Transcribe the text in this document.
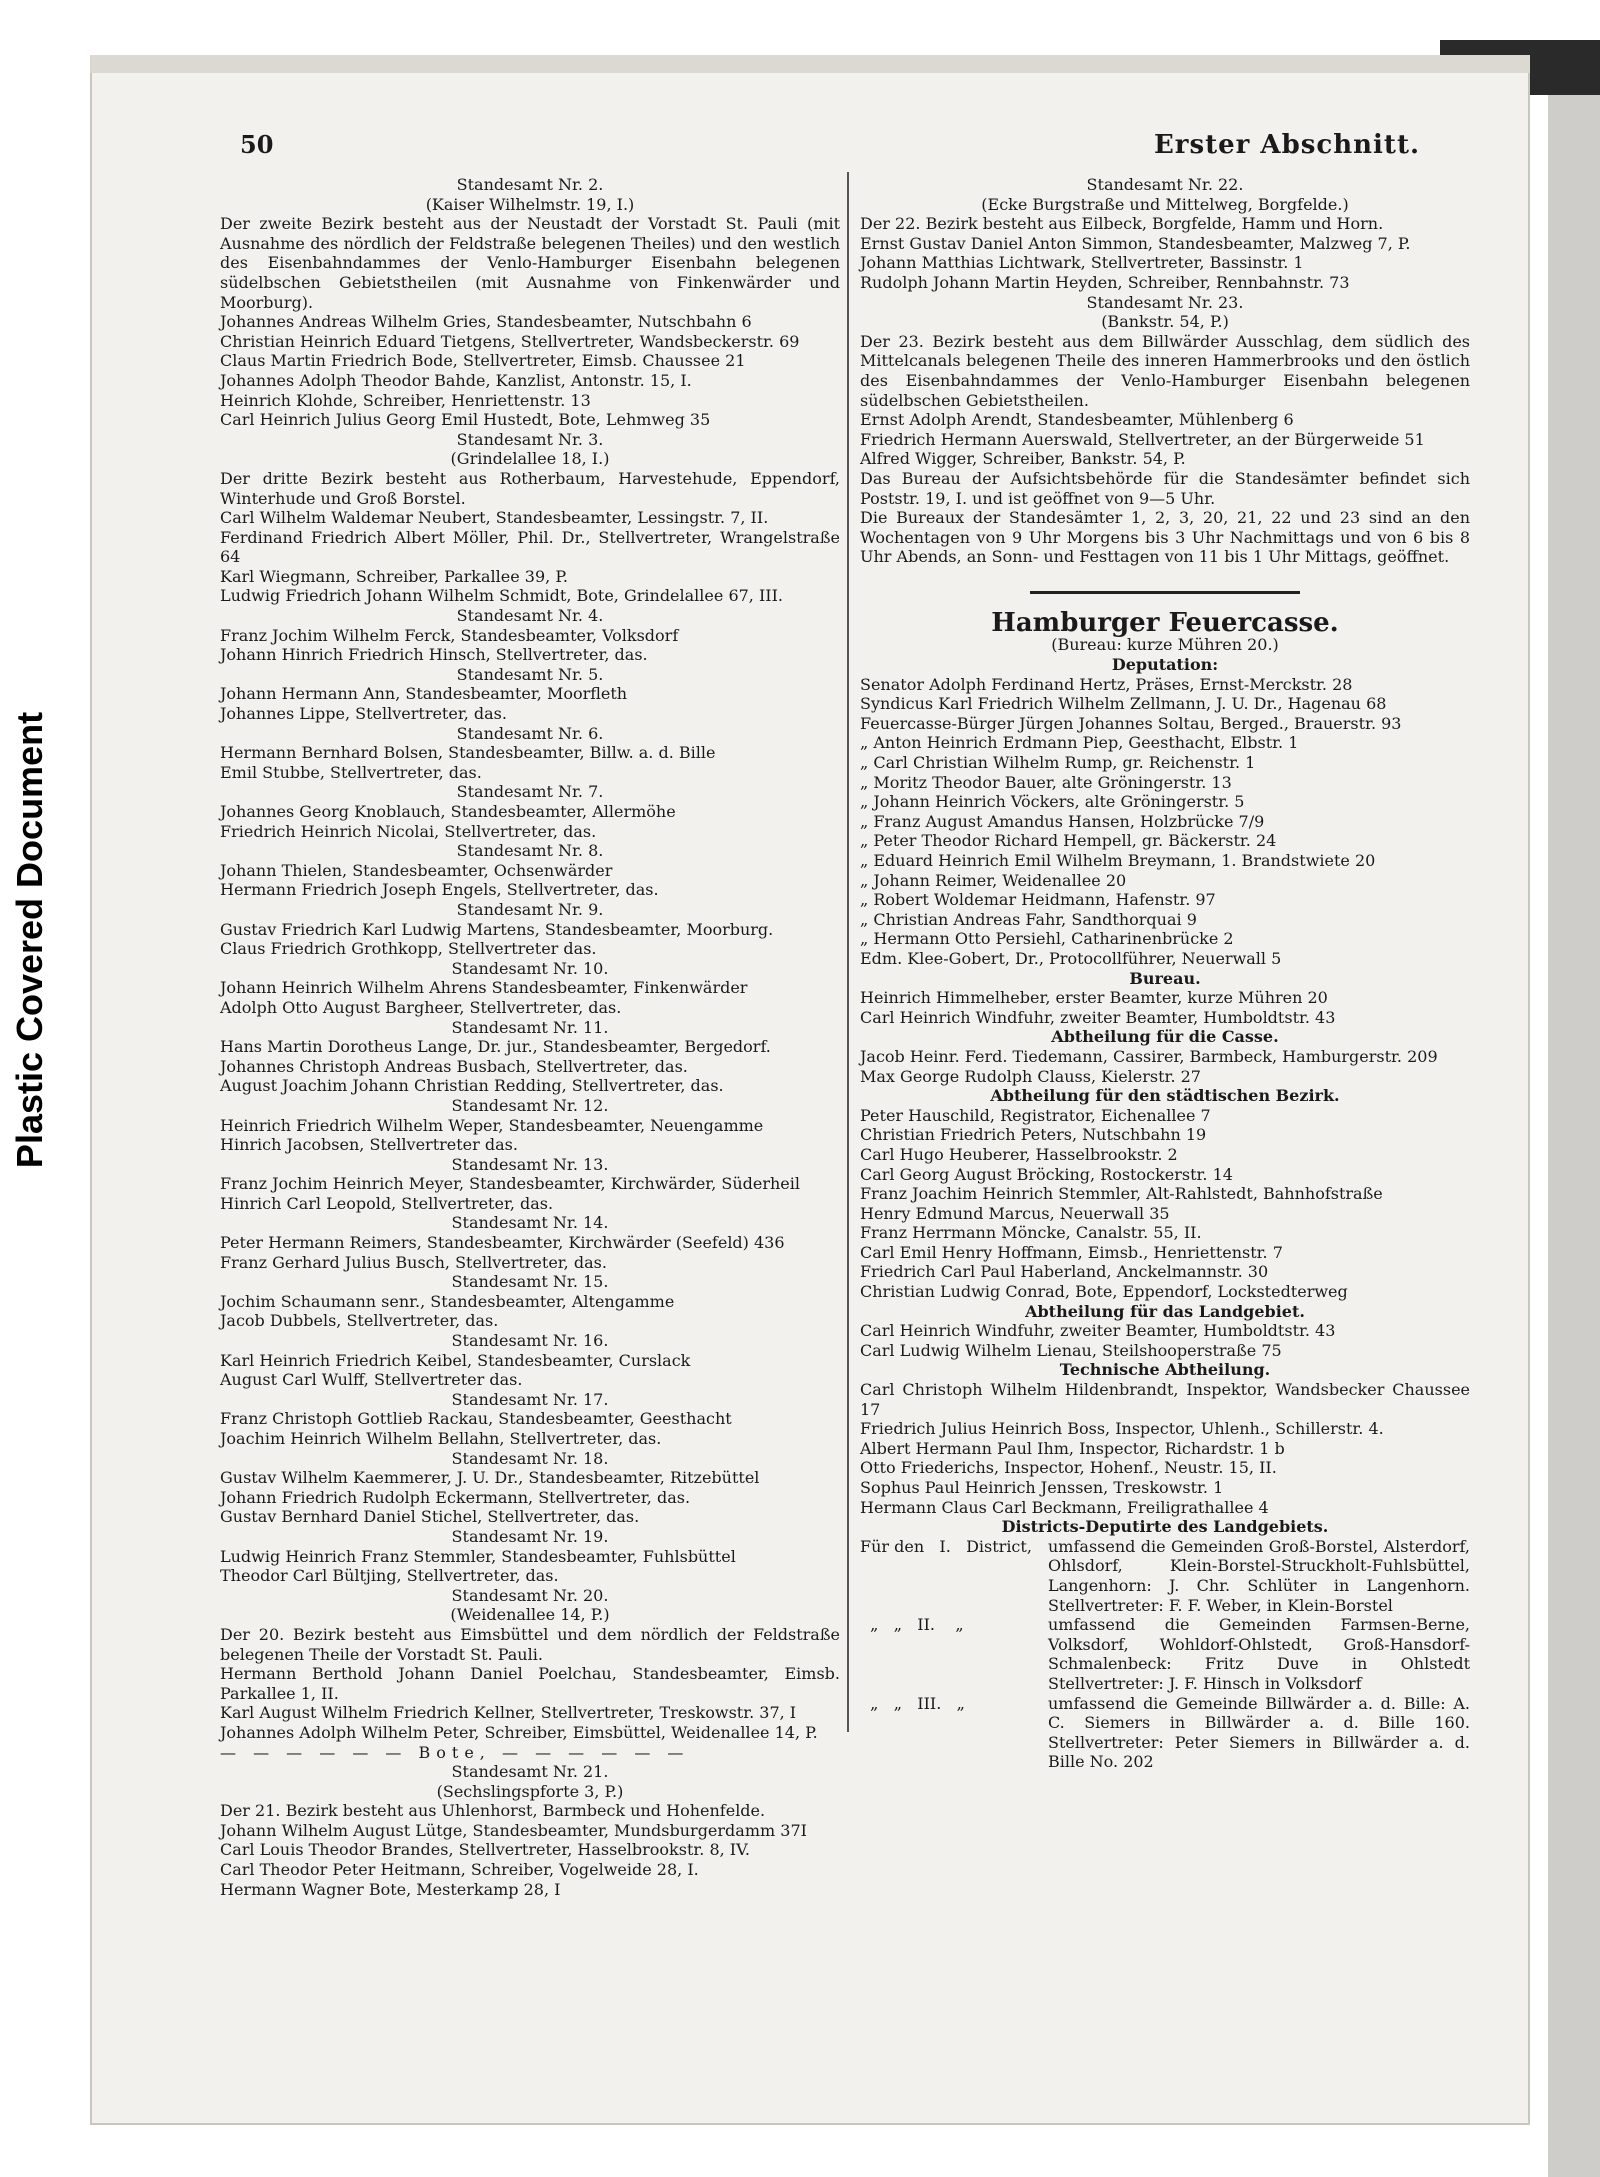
Plastic Covered Document
50	Erster Abschnitt.
Standesamt Nr. 2.
(Kaiser Wilhelmstr. 19, I.)
Der zweite Bezirk besteht aus der Neustadt der Vorstadt St. Pauli (mit Ausnahme des nördlich der Feldstraße belegenen Theiles) und den westlich des Eisenbahndammes der Venlo-Hamburger Eisenbahn belegenen südelbschen Gebietstheilen (mit Ausnahme von Finkenwärder und Moorburg).
Johannes Andreas Wilhelm Gries, Standesbeamter, Nutschbahn 6
Christian Heinrich Eduard Tietgens, Stellvertreter, Wandsbeckerstr. 69
Claus Martin Friedrich Bode, Stellvertreter, Eimsb. Chaussee 21
Johannes Adolph Theodor Bahde, Kanzlist, Antonstr. 15, I.
Heinrich Klohde, Schreiber, Henriettenstr. 13
Carl Heinrich Julius Georg Emil Hustedt, Bote, Lehmweg 35
Standesamt Nr. 3.
(Grindelallee 18, I.)
Der dritte Bezirk besteht aus Rotherbaum, Harvestehude, Eppendorf, Winterhude und Groß Borstel.
Carl Wilhelm Waldemar Neubert, Standesbeamter, Lessingstr. 7, II.
Ferdinand Friedrich Albert Möller, Phil. Dr., Stellvertreter, Wrangelstraße 64
Karl Wiegmann, Schreiber, Parkallee 39, P.
Ludwig Friedrich Johann Wilhelm Schmidt, Bote, Grindelallee 67, III.
Standesamt Nr. 4.
Franz Jochim Wilhelm Ferck, Standesbeamter, Volksdorf
Johann Hinrich Friedrich Hinsch, Stellvertreter, das.
Standesamt Nr. 5.
Johann Hermann Ann, Standesbeamter, Moorfleth
Johannes Lippe, Stellvertreter, das.
Standesamt Nr. 6.
Hermann Bernhard Bolsen, Standesbeamter, Billw. a. d. Bille
Emil Stubbe, Stellvertreter, das.
Standesamt Nr. 7.
Johannes Georg Knoblauch, Standesbeamter, Allermöhe
Friedrich Heinrich Nicolai, Stellvertreter, das.
Standesamt Nr. 8.
Johann Thielen, Standesbeamter, Ochsenwärder
Hermann Friedrich Joseph Engels, Stellvertreter, das.
Standesamt Nr. 9.
Gustav Friedrich Karl Ludwig Martens, Standesbeamter, Moorburg.
Claus Friedrich Grothkopp, Stellvertreter das.
Standesamt Nr. 10.
Johann Heinrich Wilhelm Ahrens Standesbeamter, Finkenwärder
Adolph Otto August Bargheer, Stellvertreter, das.
Standesamt Nr. 11.
Hans Martin Dorotheus Lange, Dr. jur., Standesbeamter, Bergedorf.
Johannes Christoph Andreas Busbach, Stellvertreter, das.
August Joachim Johann Christian Redding, Stellvertreter, das.
Standesamt Nr. 12.
Heinrich Friedrich Wilhelm Weper, Standesbeamter, Neuengamme
Hinrich Jacobsen, Stellvertreter das.
Standesamt Nr. 13.
Franz Jochim Heinrich Meyer, Standesbeamter, Kirchwärder, Süderheil
Hinrich Carl Leopold, Stellvertreter, das.
Standesamt Nr. 14.
Peter Hermann Reimers, Standesbeamter, Kirchwärder (Seefeld) 436
Franz Gerhard Julius Busch, Stellvertreter, das.
Standesamt Nr. 15.
Jochim Schaumann senr., Standesbeamter, Altengamme
Jacob Dubbels, Stellvertreter, das.
Standesamt Nr. 16.
Karl Heinrich Friedrich Keibel, Standesbeamter, Curslack
August Carl Wulff, Stellvertreter das.
Standesamt Nr. 17.
Franz Christoph Gottlieb Rackau, Standesbeamter, Geesthacht
Joachim Heinrich Wilhelm Bellahn, Stellvertreter, das.
Standesamt Nr. 18.
Gustav Wilhelm Kaemmerer, J. U. Dr., Standesbeamter, Ritzebüttel
Johann Friedrich Rudolph Eckermann, Stellvertreter, das.
Gustav Bernhard Daniel Stichel, Stellvertreter, das.
Standesamt Nr. 19.
Ludwig Heinrich Franz Stemmler, Standesbeamter, Fuhlsbüttel
Theodor Carl Bültjing, Stellvertreter, das.
Standesamt Nr. 20.
(Weidenallee 14, P.)
Der 20. Bezirk besteht aus Eimsbüttel und dem nördlich der Feldstraße belegenen Theile der Vorstadt St. Pauli.
Hermann Berthold Johann Daniel Poelchau, Standesbeamter, Eimsb. Parkallee 1, II.
Karl August Wilhelm Friedrich Kellner, Stellvertreter, Treskowstr. 37, I
Johannes Adolph Wilhelm Peter, Schreiber, Eimsbüttel, Weidenallee 14, P.
— — — — — — Bote, — — — — — —
Standesamt Nr. 21.
(Sechslingspforte 3, P.)
Der 21. Bezirk besteht aus Uhlenhorst, Barmbeck und Hohenfelde.
Johann Wilhelm August Lütge, Standesbeamter, Mundsburgerdamm 37I
Carl Louis Theodor Brandes, Stellvertreter, Hasselbrookstr. 8, IV.
Carl Theodor Peter Heitmann, Schreiber, Vogelweide 28, I.
Hermann Wagner Bote, Mesterkamp 28, I
Standesamt Nr. 22.
(Ecke Burgstraße und Mittelweg, Borgfelde.)
Der 22. Bezirk besteht aus Eilbeck, Borgfelde, Hamm und Horn.
Ernst Gustav Daniel Anton Simmon, Standesbeamter, Malzweg 7, P.
Johann Matthias Lichtwark, Stellvertreter, Bassinstr. 1
Rudolph Johann Martin Heyden, Schreiber, Rennbahnstr. 73
Standesamt Nr. 23.
(Bankstr. 54, P.)
Der 23. Bezirk besteht aus dem Billwärder Ausschlag, dem südlich des Mittelcanals belegenen Theile des inneren Hammerbrooks und den östlich des Eisenbahndammes der Venlo-Hamburger Eisenbahn belegenen südelbschen Gebietstheilen.
Ernst Adolph Arendt, Standesbeamter, Mühlenberg 6
Friedrich Hermann Auerswald, Stellvertreter, an der Bürgerweide 51
Alfred Wigger, Schreiber, Bankstr. 54, P.
Das Bureau der Aufsichtsbehörde für die Standesämter befindet sich Poststr. 19, I. und ist geöffnet von 9—5 Uhr.
Die Bureaux der Standesämter 1, 2, 3, 20, 21, 22 und 23 sind an den Wochentagen von 9 Uhr Morgens bis 3 Uhr Nachmittags und von 6 bis 8 Uhr Abends, an Sonn- und Festtagen von 11 bis 1 Uhr Mittags, geöffnet.
Hamburger Feuercasse.
(Bureau: kurze Mühren 20.)
Deputation:
Senator Adolph Ferdinand Hertz, Präses, Ernst-Merckstr. 28
Syndicus Karl Friedrich Wilhelm Zellmann, J. U. Dr., Hagenau 68
Feuercasse-Bürger Jürgen Johannes Soltau, Berged., Brauerstr. 93
„ Anton Heinrich Erdmann Piep, Geesthacht, Elbstr. 1
„ Carl Christian Wilhelm Rump, gr. Reichenstr. 1
„ Moritz Theodor Bauer, alte Gröningerstr. 13
„ Johann Heinrich Vöckers, alte Gröningerstr. 5
„ Franz August Amandus Hansen, Holzbrücke 7/9
„ Peter Theodor Richard Hempell, gr. Bäckerstr. 24
„ Eduard Heinrich Emil Wilhelm Breymann, 1. Brandstwiete 20
„ Johann Reimer, Weidenallee 20
„ Robert Woldemar Heidmann, Hafenstr. 97
„ Christian Andreas Fahr, Sandthorquai 9
„ Hermann Otto Persiehl, Catharinenbrücke 2
Edm. Klee-Gobert, Dr., Protocollführer, Neuerwall 5
Bureau.
Heinrich Himmelheber, erster Beamter, kurze Mühren 20
Carl Heinrich Windfuhr, zweiter Beamter, Humboldtstr. 43
Abtheilung für die Casse.
Jacob Heinr. Ferd. Tiedemann, Cassirer, Barmbeck, Hamburgerstr. 209
Max George Rudolph Clauss, Kielerstr. 27
Abtheilung für den städtischen Bezirk.
Peter Hauschild, Registrator, Eichenallee 7
Christian Friedrich Peters, Nutschbahn 19
Carl Hugo Heuberer, Hasselbrookstr. 2
Carl Georg August Bröcking, Rostockerstr. 14
Franz Joachim Heinrich Stemmler, Alt-Rahlstedt, Bahnhofstraße
Henry Edmund Marcus, Neuerwall 35
Franz Herrmann Möncke, Canalstr. 55, II.
Carl Emil Henry Hoffmann, Eimsb., Henriettenstr. 7
Friedrich Carl Paul Haberland, Anckelmannstr. 30
Christian Ludwig Conrad, Bote, Eppendorf, Lockstedterweg
Abtheilung für das Landgebiet.
Carl Heinrich Windfuhr, zweiter Beamter, Humboldtstr. 43
Carl Ludwig Wilhelm Lienau, Steilshooperstraße 75
Technische Abtheilung.
Carl Christoph Wilhelm Hildenbrandt, Inspektor, Wandsbecker Chaussee 17
Friedrich Julius Heinrich Boss, Inspector, Uhlenh., Schillerstr. 4.
Albert Hermann Paul Ihm, Inspector, Richardstr. 1 b
Otto Friederichs, Inspector, Hohenf., Neustr. 15, II.
Sophus Paul Heinrich Jenssen, Treskowstr. 1
Hermann Claus Carl Beckmann, Freiligrathallee 4
Districts-Deputirte des Landgebiets.
Für den   I.   District,	umfassend die Gemeinden Groß-Borstel, Alsterdorf, Ohlsdorf, Klein-Borstel-Struckholt-Fuhlsbüttel, Langenhorn: J. Chr. Schlüter in Langenhorn. Stellvertreter: F. F. Weber, in Klein-Borstel
„   „   II.    „	umfassend die Gemeinden Farmsen-Berne, Volksdorf, Wohldorf-Ohlstedt, Groß-Hansdorf-Schmalenbeck: Fritz Duve in Ohlstedt Stellvertreter: J. F. Hinsch in Volksdorf
„   „   III.   „	umfassend die Gemeinde Billwärder a. d. Bille: A. C. Siemers in Billwärder a. d. Bille 160. Stellvertreter: Peter Siemers in Billwärder a. d. Bille No. 202
